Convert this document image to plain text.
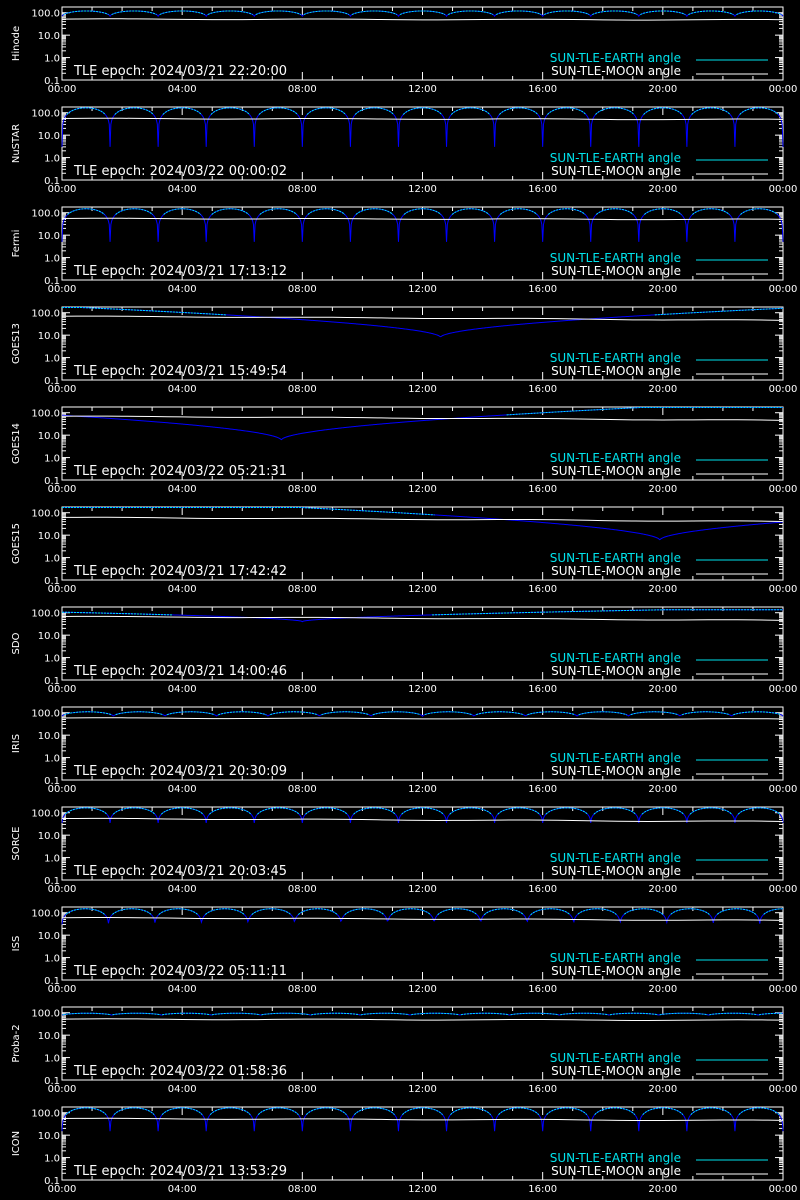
0.1
1.0
10.0
100.0
00:00	04:00	08:00	12:00	16:00	20:00	00:00
Hinode	SUN-TLE-EARTH angle
SUN-TLE-MOON angle
TLE epoch: 2024/03/21 22:20:00
0.1
1.0
10.0
100.0
00:00	04:00	08:00	12:00	16:00	20:00	00:00
NuSTAR	SUN-TLE-EARTH angle
SUN-TLE-MOON angle
TLE epoch: 2024/03/22 00:00:02
0.1
1.0
10.0
100.0
00:00	04:00	08:00	12:00	16:00	20:00	00:00
Fermi
SUN-TLE-EARTH angle
SUN-TLE-MOON angle
TLE epoch: 2024/03/21 17:13:12
0.1
1.0
10.0
100.0
00:00	04:00	08:00	12:00	16:00	20:00	00:00
GOES13	SUN-TLE-EARTH angle
SUN-TLE-MOON angle
TLE epoch: 2024/03/21 15:49:54
0.1
1.0
10.0
100.0
00:00	04:00	08:00	12:00	16:00	20:00	00:00
GOES14	SUN-TLE-EARTH angle
SUN-TLE-MOON angle
TLE epoch: 2024/03/22 05:21:31
0.1
1.0
10.0
100.0
00:00	04:00	08:00	12:00	16:00	20:00	00:00
GOES15	SUN-TLE-EARTH angle
SUN-TLE-MOON angle
TLE epoch: 2024/03/21 17:42:42
0.1
1.0
10.0
100.0
00:00	04:00	08:00	12:00	16:00	20:00	00:00
SDO
SUN-TLE-EARTH angle
SUN-TLE-MOON angle
TLE epoch: 2024/03/21 14:00:46
0.1
1.0
10.0
100.0
00:00	04:00	08:00	12:00	16:00	20:00	00:00
IRIS
SUN-TLE-EARTH angle
SUN-TLE-MOON angle
TLE epoch: 2024/03/21 20:30:09
0.1
1.0
10.0
100.0
00:00	04:00	08:00	12:00	16:00	20:00	00:00
SORCE	SUN-TLE-EARTH angle
SUN-TLE-MOON angle
TLE epoch: 2024/03/21 20:03:45
0.1
1.0
10.0
100.0
00:00	04:00	08:00	12:00	16:00	20:00	00:00
ISS
SUN-TLE-EARTH angle
SUN-TLE-MOON angle
TLE epoch: 2024/03/22 05:11:11
0.1
1.0
10.0
100.0
00:00	04:00	08:00	12:00	16:00	20:00	00:00
Proba-2	SUN-TLE-EARTH angle
SUN-TLE-MOON angle
TLE epoch: 2024/03/22 01:58:36
0.1
1.0
10.0
100.0
00:00	04:00	08:00	12:00	16:00	20:00	00:00
ICON
SUN-TLE-EARTH angle
SUN-TLE-MOON angle
TLE epoch: 2024/03/21 13:53:29
